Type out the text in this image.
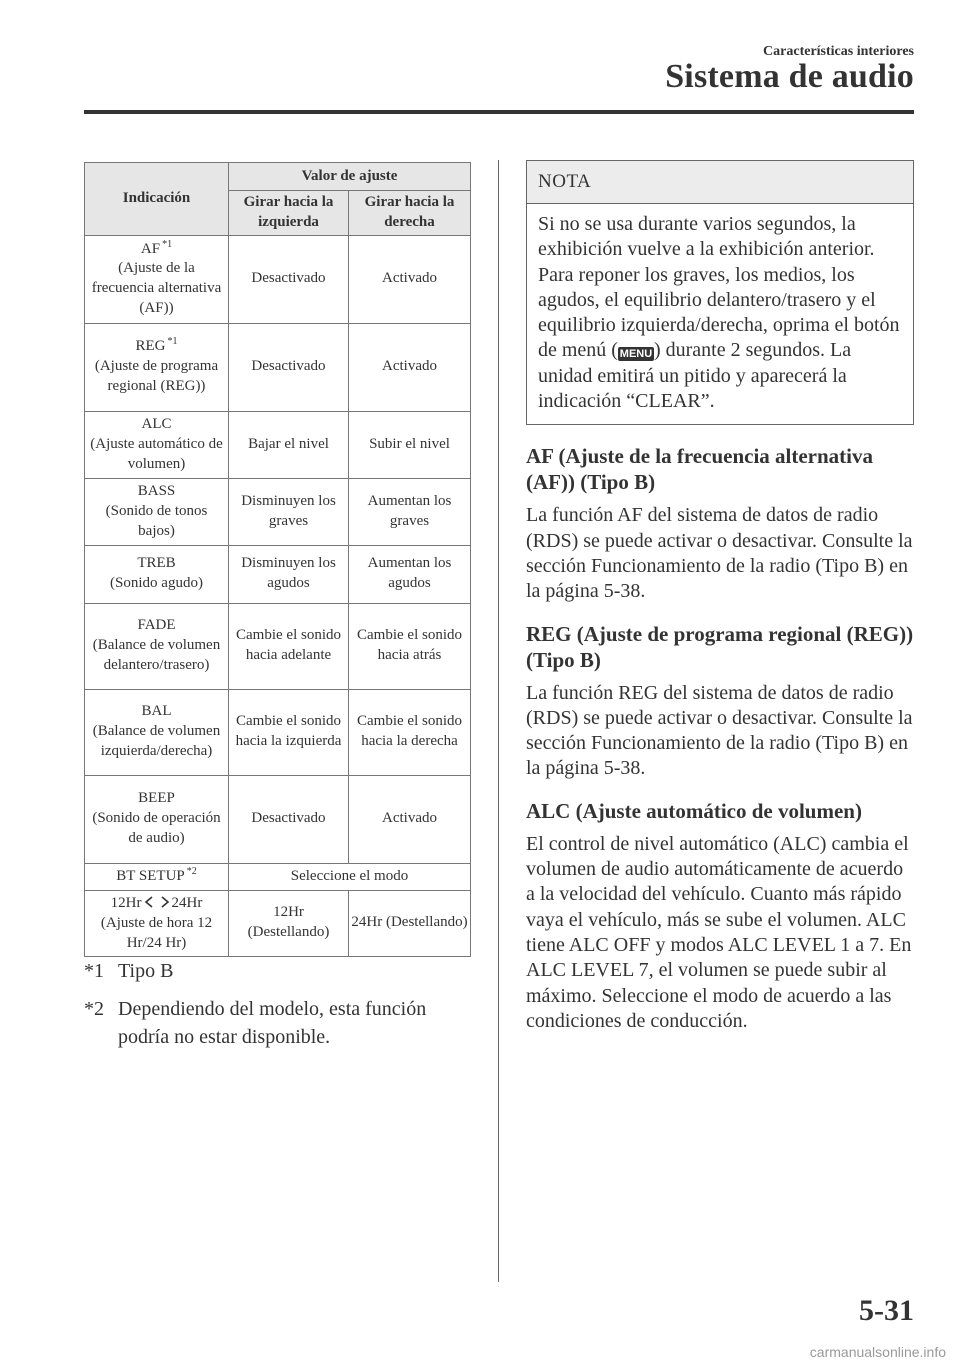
Características interiores
Sistema de audio
Indicación	Valor de ajuste	
	Girar hacia la izquierda	Girar hacia la derecha

AF $^{*1}$
(Ajuste de la frecuencia alternativa (AF))	Desactivado	Activado

REG $^{*1}$
(Ajuste de programa regional (REG))	Desactivado	Activado

ALC
(Ajuste automático de volumen)	Bajar el nivel	Subir el nivel

BASS
(Sonido de tonos bajos)	Disminuyen los graves	Aumentan los graves

TREB
(Sonido agudo)	Disminuyen los agudos	Aumentan los agudos

FADE
(Balance de volumen delantero/trasero)	Cambie el sonido hacia adelante	Cambie el sonido hacia atrás

BAL
(Balance de volumen izquierda/derecha)	Cambie el sonido hacia la izquierda	Cambie el sonido hacia la derecha

BEEP
(Sonido de operación de audio)	Desactivado	Activado
BT SETUP $^{*2}$	Seleccione el modo	

12Hr 24Hr
(Ajuste de hora 12 Hr/24 Hr)	12Hr (Destellando)	24Hr (Destellando)
*1 Tipo B
*2 Dependiendo del modelo, esta función podría no estar disponible.
NOTA
Si no se usa durante varios segundos, la exhibición vuelve a la exhibición anterior. Para reponer los graves, los medios, los agudos, el equilibrio delantero/trasero y el equilibrio izquierda/derecha, oprima el botón de menú ( MENU ) durante 2 segundos. La unidad emitirá un pitido y aparecerá la indicación “CLEAR”.
AF (Ajuste de la frecuencia alternativa (AF)) (Tipo B)
La función AF del sistema de datos de radio (RDS) se puede activar o desactivar. Consulte la sección Funcionamiento de la radio (Tipo B) en la página 5-38.
REG (Ajuste de programa regional (REG)) (Tipo B)
La función REG del sistema de datos de radio (RDS) se puede activar o desactivar. Consulte la sección Funcionamiento de la radio (Tipo B) en la página 5-38.
ALC (Ajuste automático de volumen)
El control de nivel automático (ALC) cambia el volumen de audio automáticamente de acuerdo a la velocidad del vehículo. Cuanto más rápido vaya el vehículo, más se sube el volumen. ALC tiene ALC OFF y modos ALC LEVEL 1 a 7. En ALC LEVEL 7, el volumen se puede subir al máximo. Seleccione el modo de acuerdo a las condiciones de conducción.
5-31
carmanualsonline.info
